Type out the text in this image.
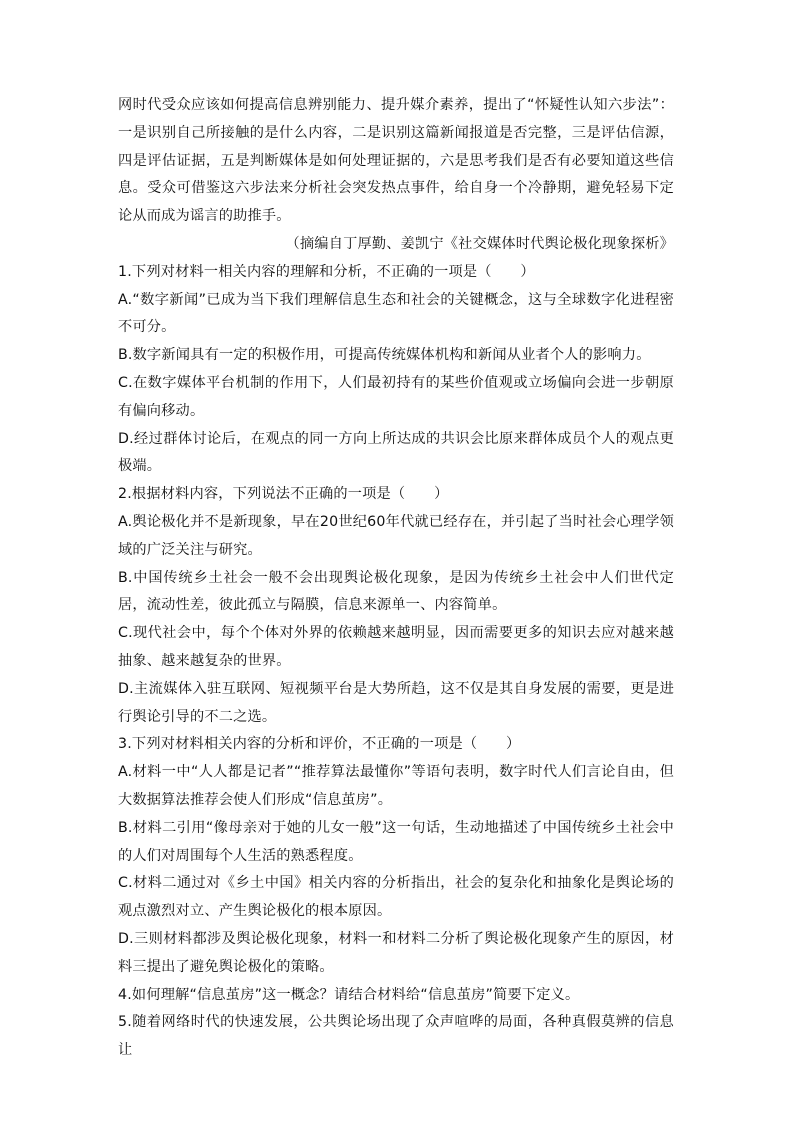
网时代受众应该如何提高信息辨别能力、提升媒介素养，提出了“怀疑性认知六步法”：一是识别自己所接触的是什么内容，二是识别这篇新闻报道是否完整，三是评估信源，四是评估证据，五是判断媒体是如何处理证据的，六是思考我们是否有必要知道这些信息。受众可借鉴这六步法来分析社会突发热点事件，给自身一个冷静期，避免轻易下定论从而成为谣言的助推手。

（摘编自丁厚勤、姜凯宁《社交媒体时代舆论极化现象探析》

1.下列对材料一相关内容的理解和分析，不正确的一项是（　　）

A.“数字新闻”已成为当下我们理解信息生态和社会的关键概念，这与全球数字化进程密不可分。

B.数字新闻具有一定的积极作用，可提高传统媒体机构和新闻从业者个人的影响力。

C.在数字媒体平台机制的作用下，人们最初持有的某些价值观或立场偏向会进一步朝原有偏向移动。

D.经过群体讨论后，在观点的同一方向上所达成的共识会比原来群体成员个人的观点更极端。

2.根据材料内容，下列说法不正确的一项是（　　）

A.舆论极化并不是新现象，早在20世纪60年代就已经存在，并引起了当时社会心理学领域的广泛关注与研究。

B.中国传统乡土社会一般不会出现舆论极化现象，是因为传统乡土社会中人们世代定居，流动性差，彼此孤立与隔膜，信息来源单一、内容简单。

C.现代社会中，每个个体对外界的依赖越来越明显，因而需要更多的知识去应对越来越抽象、越来越复杂的世界。

D.主流媒体入驻互联网、短视频平台是大势所趋，这不仅是其自身发展的需要，更是进行舆论引导的不二之选。

3.下列对材料相关内容的分析和评价，不正确的一项是（　　）

A.材料一中“人人都是记者”“推荐算法最懂你”等语句表明，数字时代人们言论自由，但大数据算法推荐会使人们形成“信息茧房”。

B.材料二引用“像母亲对于她的儿女一般”这一句话，生动地描述了中国传统乡土社会中的人们对周围每个人生活的熟悉程度。

C.材料二通过对《乡土中国》相关内容的分析指出，社会的复杂化和抽象化是舆论场的观点激烈对立、产生舆论极化的根本原因。

D.三则材料都涉及舆论极化现象，材料一和材料二分析了舆论极化现象产生的原因，材料三提出了避免舆论极化的策略。

4.如何理解“信息茧房”这一概念？请结合材料给“信息茧房”简要下定义。

5.随着网络时代的快速发展，公共舆论场出现了众声喧哗的局面，各种真假莫辨的信息让
